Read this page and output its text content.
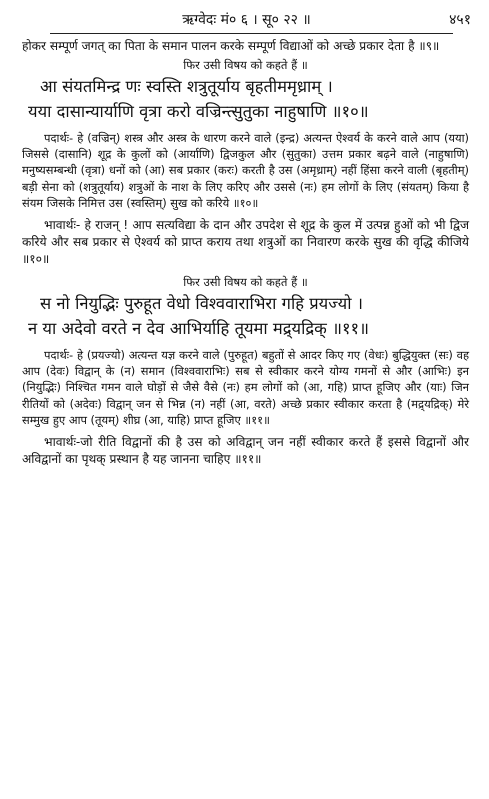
ऋग्वेदः मं० ६ । सू० २२ ॥	४५१

होकर सम्पूर्ण जगत् का पिता के समान पालन करके सम्पूर्ण विद्याओं को अच्छे प्रकार देता है ॥९॥

फिर उसी विषय को कहते हैं ॥

आ संयतमिन्द्र णः स्वस्ति शत्रुतूर्याय बृहतीममृध्राम् ।

यया दासान्यार्याणि वृत्रा करो वज्रिन्त्सुतुका नाहुषाणि ॥१०॥

पदार्थः- हे (वज्रिन्) शस्त्र और अस्त्र के धारण करने वाले (इन्द्र) अत्यन्त ऐश्वर्य के करने वाले आप (यया) जिससे (दासानि) शूद्र के कुलों को (आर्याणि) द्विजकुल और (सुतुका) उत्तम प्रकार बढ़ने वाले (नाहुषाणि) मनुष्यसम्बन्धी (वृत्रा) धनों को (आ) सब प्रकार (करः) करती है उस (अमृध्राम्) नहीं हिंसा करने वाली (बृहतीम्) बड़ी सेना को (शत्रुतूर्याय) शत्रुओं के नाश के लिए करिए और उससे (नः) हम लोगों के लिए (संयतम्) किया है संयम जिसके निमित्त उस (स्वस्तिम्) सुख को करिये ॥१०॥

भावार्थः- हे राजन् ! आप सत्यविद्या के दान और उपदेश से शूद्र के कुल में उत्पन्न हुओं को भी द्विज करिये और सब प्रकार से ऐश्वर्य को प्राप्त कराय तथा शत्रुओं का निवारण करके सुख की वृद्धि कीजिये ॥१०॥

फिर उसी विषय को कहते हैं ॥

स नो नियुद्भिः पुरुहूत वेधो विश्ववाराभिरा गहि प्रयज्यो ।

न या अदेवो वरते न देव आभिर्याहि तूयमा मद्र्यद्रिक् ॥११॥

पदार्थः- हे (प्रयज्यो) अत्यन्त यज्ञ करने वाले (पुरुहूत) बहुतों से आदर किए गए (वेधः) बुद्धियुक्त (सः) वह आप (देवः) विद्वान् के (न) समान (विश्ववाराभिः) सब से स्वीकार करने योग्य गमनों से और (आभिः) इन (नियुद्भिः) निश्चित गमन वाले घोड़ों से जैसे वैसे (नः) हम लोगों को (आ, गहि) प्राप्त हूजिए और (याः) जिन रीतियों को (अदेवः) विद्वान् जन से भिन्न (न) नहीं (आ, वरते) अच्छे प्रकार स्वीकार करता है (मद्र्यद्रिक्) मेरे सम्मुख हुए आप (तूयम्) शीघ्र (आ, याहि) प्राप्त हूजिए ॥११॥

भावार्थः-जो रीति विद्वानों की है उस को अविद्वान् जन नहीं स्वीकार करते हैं इससे विद्वानों और अविद्वानों का पृथक् प्रस्थान है यह जानना चाहिए ॥११॥
